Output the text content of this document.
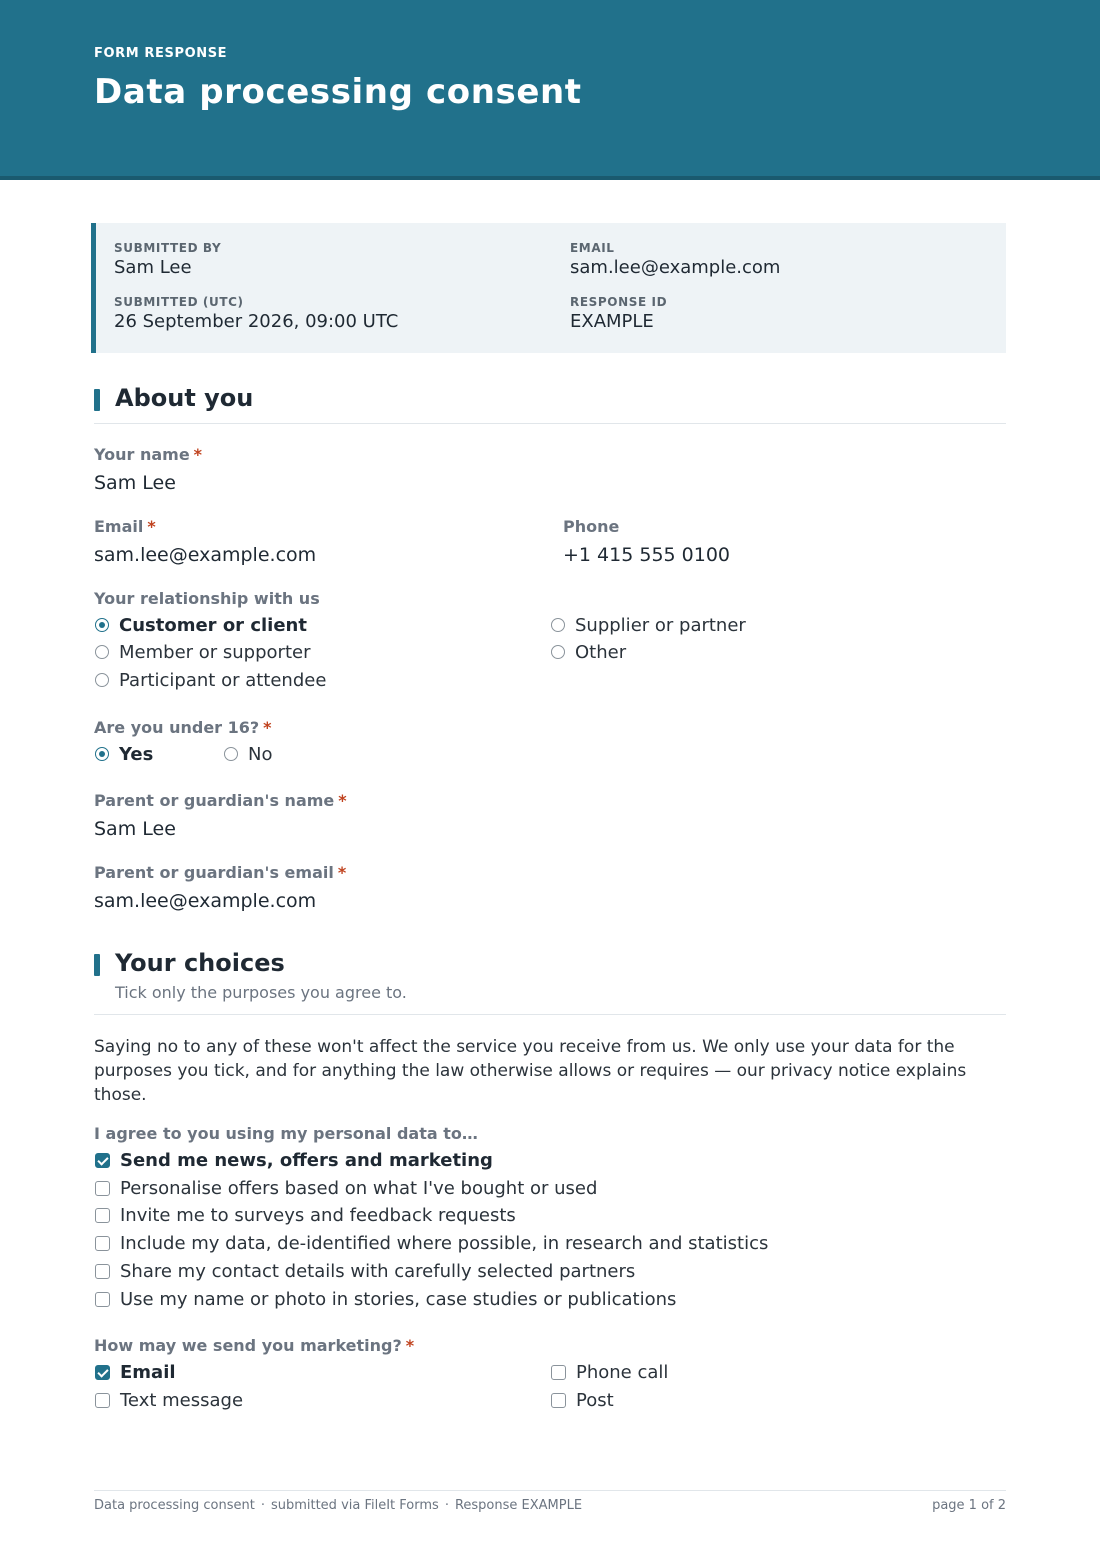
FORM RESPONSE
Data processing consent
SUBMITTED BY
Sam Lee
EMAIL
sam.lee@example.com
SUBMITTED (UTC)
26 September 2026, 09:00 UTC
RESPONSE ID
EXAMPLE
About you
Your name *
Sam Lee
Email *
sam.lee@example.com
Phone
+1 415 555 0100
Your relationship with us
Customer or client
Member or supporter
Participant or attendee
Supplier or partner
Other
Are you under 16? *
Yes	No
Parent or guardian's name *
Sam Lee
Parent or guardian's email *
sam.lee@example.com
Your choices
Tick only the purposes you agree to.
Saying no to any of these won't affect the service you receive from us. We only use your data for the purposes you tick, and for anything the law otherwise allows or requires — our privacy notice explains those.
I agree to you using my personal data to…
Send me news, offers and marketing
Personalise offers based on what I've bought or used
Invite me to surveys and feedback requests
Include my data, de-identified where possible, in research and statistics
Share my contact details with carefully selected partners
Use my name or photo in stories, case studies or publications
How may we send you marketing? *
Email
Text message
Phone call
Post
Data processing consent · submitted via FileIt Forms · Response EXAMPLE	page 1 of 2
